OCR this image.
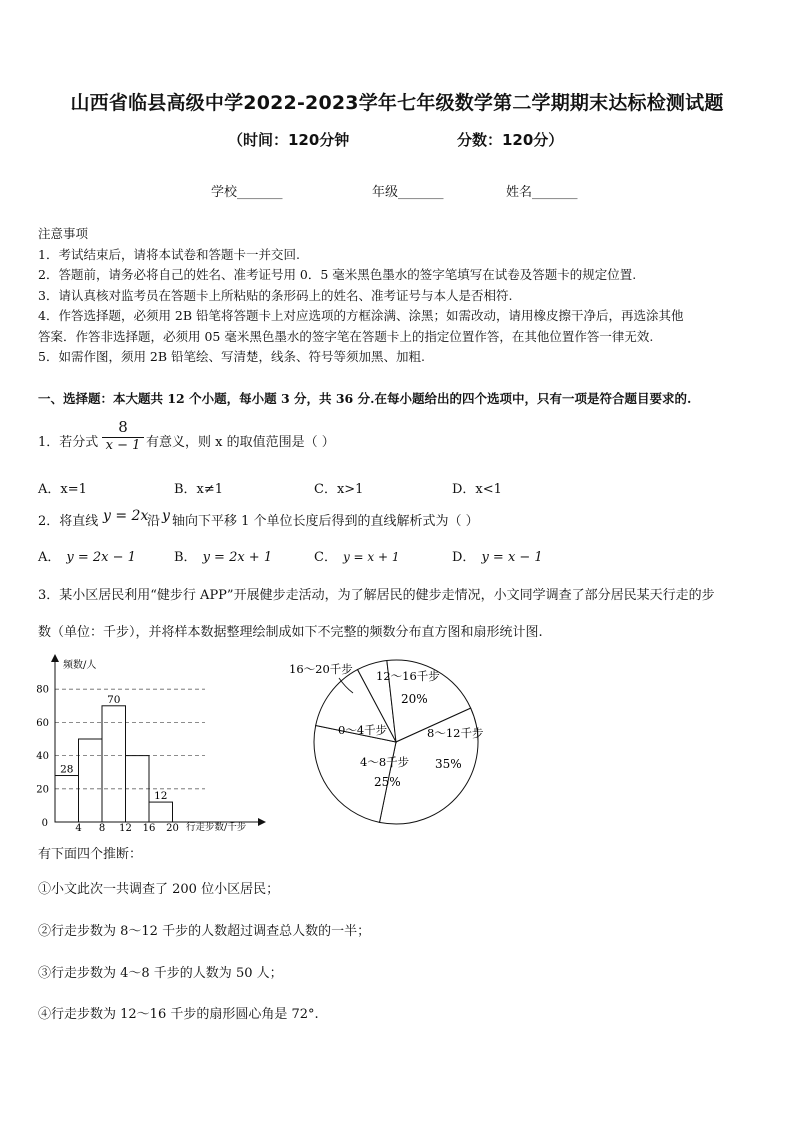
山西省临县高级中学2022-2023学年七年级数学第二学期期末达标检测试题
（时间：120分钟	分数：120分）
学校_______	年级_______	姓名_______
注意事项
1．考试结束后，请将本试卷和答题卡一并交回.
2．答题前，请务必将自己的姓名、准考证号用 0．5 毫米黑色墨水的签字笔填写在试卷及答题卡的规定位置.
3．请认真核对监考员在答题卡上所粘贴的条形码上的姓名、准考证号与本人是否相符.
4．作答选择题，必须用 2B 铅笔将答题卡上对应选项的方框涂满、涂黑；如需改动，请用橡皮擦干净后，再选涂其他
答案．作答非选择题，必须用 05 毫米黑色墨水的签字笔在答题卡上的指定位置作答，在其他位置作答一律无效.
5．如需作图，须用 2B 铅笔绘、写清楚，线条、符号等须加黑、加粗.
一、选择题：本大题共 12 个小题，每小题 3 分，共 36 分.在每小题给出的四个选项中，只有一项是符合题目要求的.
1．若分式
8
x − 1 有意义，则 x 的取值范围是（ ）
A．x=1	B．x≠1	C．x>1	D．x<1
2．将直线 y = 2x
沿 y 轴向下平移 1 个单位长度后得到的直线解析式为（ ）
A． y = 2x − 1	B． y = 2x + 1	C． y = x + 1	D． y = x − 1
3．某小区居民利用“健步行 APP”开展健步走活动，为了解居民的健步走情况，小文同学调查了部分居民某天行走的步
数（单位：千步），并将样本数据整理绘制成如下不完整的频数分布直方图和扇形统计图.
20
40
60
80
28
70
12
4 8 12 16 20
频数/人
行走步数/千步
0
16～20千步 12～16千步
20%
8～12千步
35%
4～8千步
25%
0～4千步
有下面四个推断：
①小文此次一共调查了 200 位小区居民；
②行走步数为 8～12 千步的人数超过调查总人数的一半；
③行走步数为 4～8 千步的人数为 50 人；
④行走步数为 12～16 千步的扇形圆心角是 72°.
